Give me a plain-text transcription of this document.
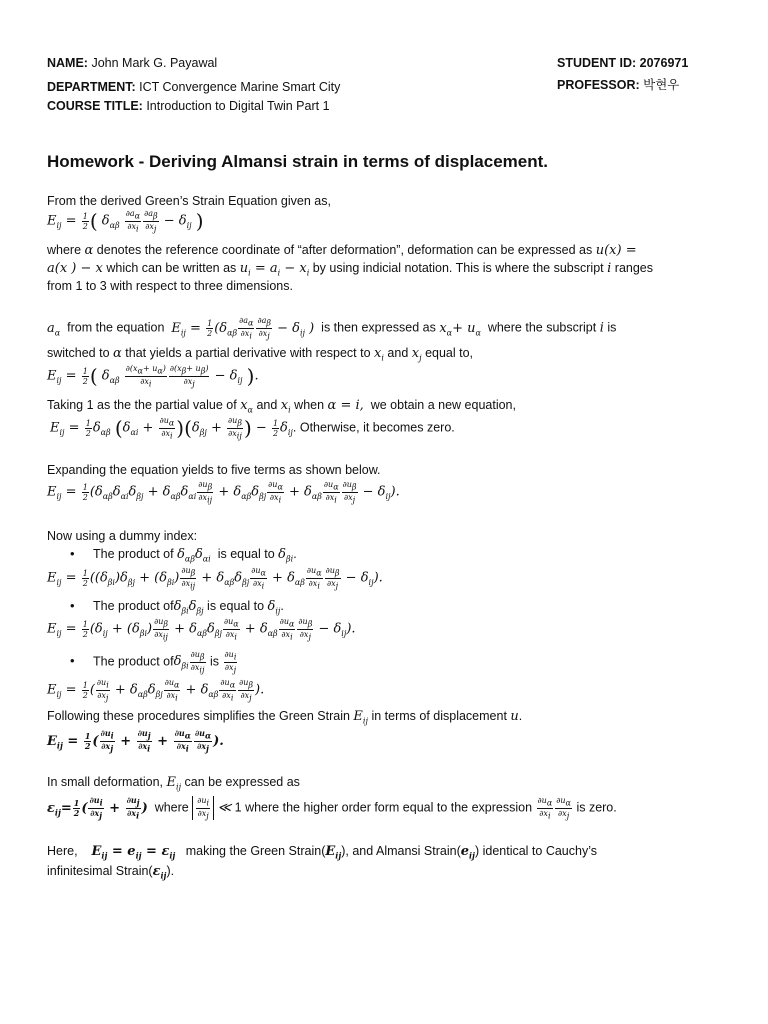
NAME: John Mark G. Payawal
DEPARTMENT: ICT Convergence Marine Smart City
COURSE TITLE: Introduction to Digital Twin Part 1
STUDENT ID: 2076971
PROFESSOR: 박현우
Homework - Deriving Almansi strain in terms of displacement.
From the derived Green’s Strain Equation given as,
$E_{ij} = \frac{1}{2}$ ( $\delta_{\alpha\beta} \frac{\partial a_\alpha}{\partial x_i} \frac{\partial a_\beta}{\partial x_j} - \delta_{ij}$ )
where α denotes the reference coordinate of “after deformation”, deformation can be expressed as u(x) =
a(x ) − x which can be written as $u_i = a_i - x_i$ by using indicial notation. This is where the subscript i ranges
from 1 to 3 with respect to three dimensions.
$a_\alpha$ from the equation $E_{ij} = \frac{1}{2} (\delta_{\alpha\beta} \frac{\partial a_\alpha}{\partial x_i} \frac{\partial a_\beta}{\partial x_j} - \delta_{ij}$ ) is then expressed as $x_\alpha+ u_\alpha$ where the subscript i is
switched to α that yields a partial derivative with respect to $x_i$ and $x_j$ equal to,
$E_{ij} = \frac{1}{2}$ ( $\delta_{\alpha\beta} \frac{\partial(x_\alpha+ u_\alpha)}{\partial x_i} \frac{\partial(x_\beta+ u_\beta)}{\partial x_j} - \delta_{ij}$ ).
Taking 1 as the the partial value of $x_\alpha$ and $x_i$ when α = i, we obtain a new equation,
$E_{ij} = \frac{1}{2} \delta_{\alpha\beta}$ $(\delta_{\alpha i} + \frac{\partial u_\alpha}{\partial x_i} )(\delta_{\beta j} + \frac{\partial u_\beta}{\partial x_{ij}}$ ) − $\frac{1}{2} \delta_{ij}$. Otherwise, it becomes zero.
Expanding the equation yields to five terms as shown below.
$E_{ij} = \frac{1}{2} (\delta_{\alpha\beta}\delta_{\alpha i}\delta_{\beta j} + \delta_{\alpha\beta}\delta_{\alpha i} \frac{\partial u_\beta}{\partial x_{ij}} + \delta_{\alpha\beta}\delta_{\beta j} \frac{\partial u_\alpha}{\partial x_i} + \delta_{\alpha\beta} \frac{\partial u_\alpha}{\partial x_i} \frac{\partial u_\beta}{\partial x_j} - \delta_{ij})$.
Now using a dummy index:
• The product of $\delta_{\alpha\beta}\delta_{\alpha i}$ is equal to $\delta_{\beta i}$.
$E_{ij} = \frac{1}{2} ((\delta_{\beta i})\delta_{\beta j} + (\delta_{\beta i}) \frac{\partial u_\beta}{\partial x_{ij}} + \delta_{\alpha\beta}\delta_{\beta j} \frac{\partial u_\alpha}{\partial x_i} + \delta_{\alpha\beta} \frac{\partial u_\alpha}{\partial x_i} \frac{\partial u_\beta}{\partial x_j} - \delta_{ij})$.
• The product $of\delta_{\beta i}\delta_{\beta j}$ is equal to $\delta_{ij}$.
$E_{ij} = \frac{1}{2} (\delta_{ij} + (\delta_{\beta i}) \frac{\partial u_\beta}{\partial x_{ij}} + \delta_{\alpha\beta}\delta_{\beta j} \frac{\partial u_\alpha}{\partial x_i} + \delta_{\alpha\beta} \frac{\partial u_\alpha}{\partial x_i} \frac{\partial u_\beta}{\partial x_j} - \delta_{ij})$.
• The product $of\delta_{\beta i} \frac{\partial u_\beta}{\partial x_{ij}}$ is $\frac{\partial u_i}{\partial x_j}$
$E_{ij} = \frac{1}{2}$ ( $\frac{\partial u_i}{\partial x_j} + \delta_{\alpha\beta}\delta_{\beta j} \frac{\partial u_\alpha}{\partial x_i} + \delta_{\alpha\beta} \frac{\partial u_\alpha}{\partial x_i} \frac{\partial u_\beta}{\partial x_j}$ ).
Following these procedures simplifies the Green Strain $E_{ij}$ in terms of displacement u.
$E_{ij} = \frac{1}{2}$ ( $\frac{\partial u_i}{\partial x_j} + \frac{\partial u_j}{\partial x_i} + \frac{\partial u_\alpha}{\partial x_i} \frac{\partial u_\alpha}{\partial x_j}$ ).
In small deformation, $E_{ij}$ can be expressed as
$\varepsilon_{ij}= \frac{1}{2}$ ( $\frac{\partial u_i}{\partial x_j} + \frac{\partial u_j}{\partial x_i}$ ) where $\frac{\partial u_i}{\partial x_j}$ ≪ 1 where the higher order form equal to the expression $\frac{\partial u_\alpha}{\partial x_i} \frac{\partial u_\alpha}{\partial x_j}$ is zero.
Here, $E_{ij} = e_{ij} = \varepsilon_{ij}$ making the Green $Strain(E_{ij})$, and Almansi $Strain(e_{ij})$ identical to Cauchy’s
infinitesimal $Strain(\varepsilon_{ij})$.
